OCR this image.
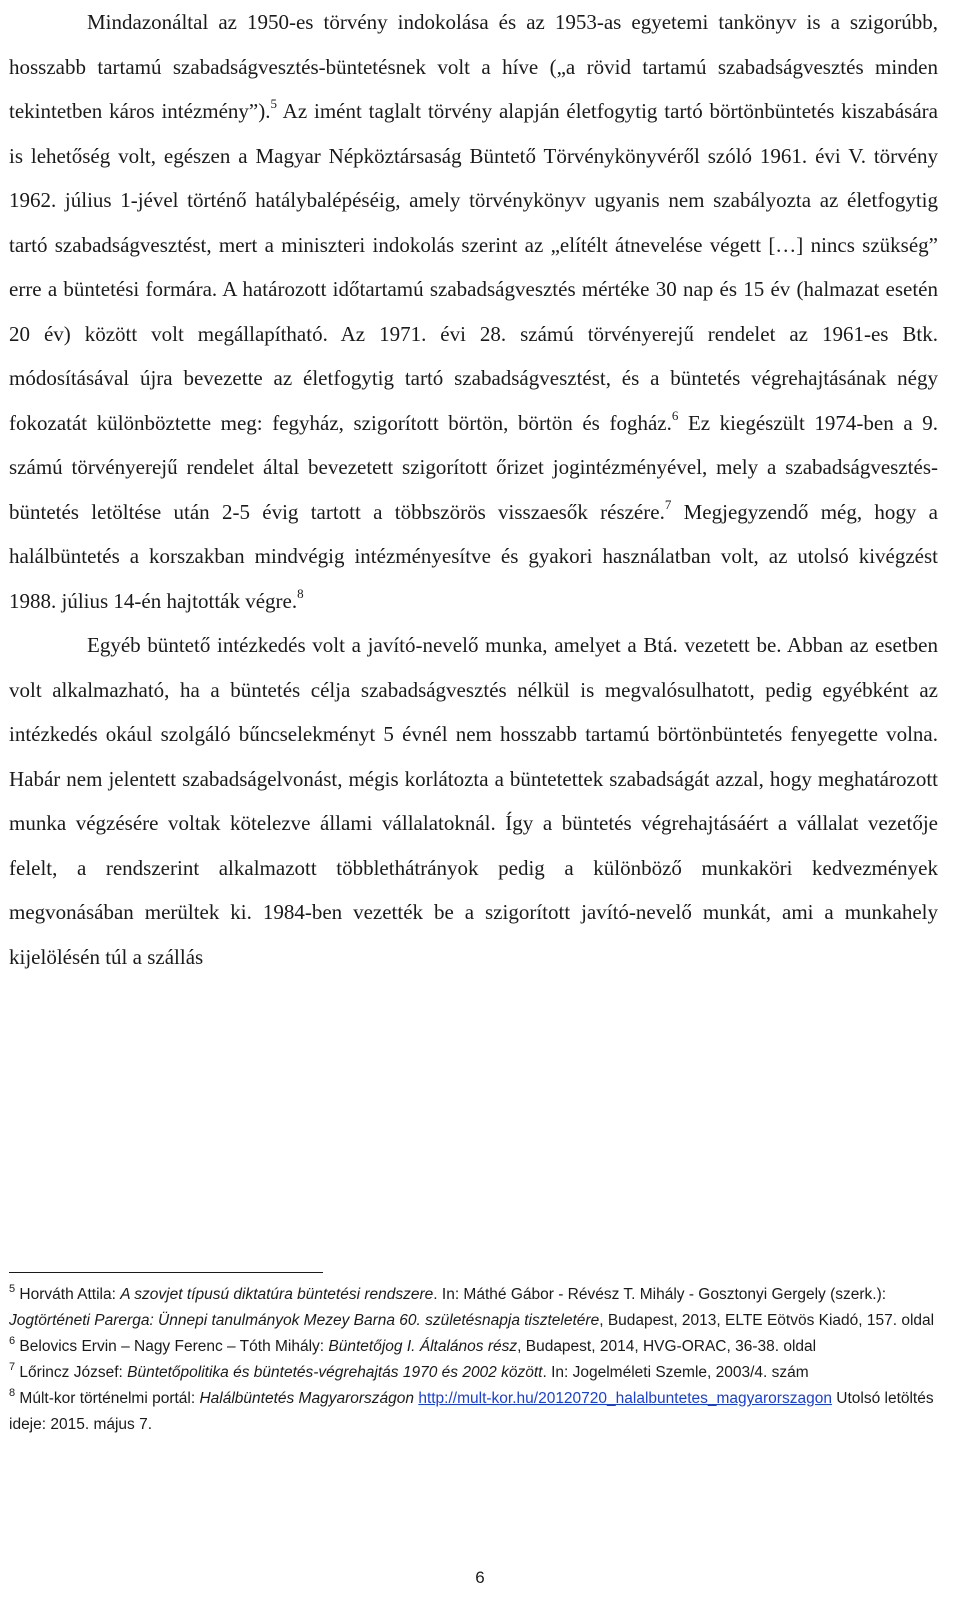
Mindazonáltal az 1950-es törvény indokolása és az 1953-as egyetemi tankönyv is a szigorúbb, hosszabb tartamú szabadságvesztés-büntetésnek volt a híve („a rövid tartamú szabadságvesztés minden tekintetben káros intézmény”).$^5$ Az imént taglalt törvény alapján életfogytig tartó börtönbüntetés kiszabására is lehetőség volt, egészen a Magyar Népköztársaság Büntető Törvénykönyvéről szóló 1961. évi V. törvény 1962. július 1-jével történő hatálybalépéséig, amely törvénykönyv ugyanis nem szabályozta az életfogytig tartó szabadságvesztést, mert a miniszteri indokolás szerint az „elítélt átnevelése végett […] nincs szükség” erre a büntetési formára. A határozott időtartamú szabadságvesztés mértéke 30 nap és 15 év (halmazat esetén 20 év) között volt megállapítható. Az 1971. évi 28. számú törvényerejű rendelet az 1961-es Btk. módosításával újra bevezette az életfogytig tartó szabadságvesztést, és a büntetés végrehajtásának négy fokozatát különböztette meg: fegyház, szigorított börtön, börtön és fogház.$^6$ Ez kiegészült 1974-ben a 9. számú törvényerejű rendelet által bevezetett szigorított őrizet jogintézményével, mely a szabadságvesztés-büntetés letöltése után 2-5 évig tartott a többszörös visszaesők részére.$^7$ Megjegyzendő még, hogy a halálbüntetés a korszakban mindvégig intézményesítve és gyakori használatban volt, az utolsó kivégzést 1988. július 14-én hajtották végre.$^8$

Egyéb büntető intézkedés volt a javító-nevelő munka, amelyet a Btá. vezetett be. Abban az esetben volt alkalmazható, ha a büntetés célja szabadságvesztés nélkül is megvalósulhatott, pedig egyébként az intézkedés okául szolgáló bűncselekményt 5 évnél nem hosszabb tartamú börtönbüntetés fenyegette volna. Habár nem jelentett szabadságelvonást, mégis korlátozta a büntetettek szabadságát azzal, hogy meghatározott munka végzésére voltak kötelezve állami vállalatoknál. Így a büntetés végrehajtásáért a vállalat vezetője felelt, a rendszerint alkalmazott többlethátrányok pedig a különböző munkaköri kedvezmények megvonásában merültek ki. 1984-ben vezették be a szigorított javító-nevelő munkát, ami a munkahely kijelölésén túl a szállás

$^5$ Horváth Attila: A szovjet típusú diktatúra büntetési rendszere. In: Máthé Gábor - Révész T. Mihály - Gosztonyi Gergely (szerk.): Jogtörténeti Parerga: Ünnepi tanulmányok Mezey Barna 60. születésnapja tiszteletére, Budapest, 2013, ELTE Eötvös Kiadó, 157. oldal

$^6$ Belovics Ervin – Nagy Ferenc – Tóth Mihály: Büntetőjog I. Általános rész, Budapest, 2014, HVG-ORAC, 36-38. oldal

$^7$ Lőrincz József: Büntetőpolitika és büntetés-végrehajtás 1970 és 2002 között. In: Jogelméleti Szemle, 2003/4. szám

$^8$ Múlt-kor történelmi portál: Halálbüntetés Magyarországon http://mult-kor.hu/20120720_halalbuntetes_magyarorszagon Utolsó letöltés ideje: 2015. május 7.

6
